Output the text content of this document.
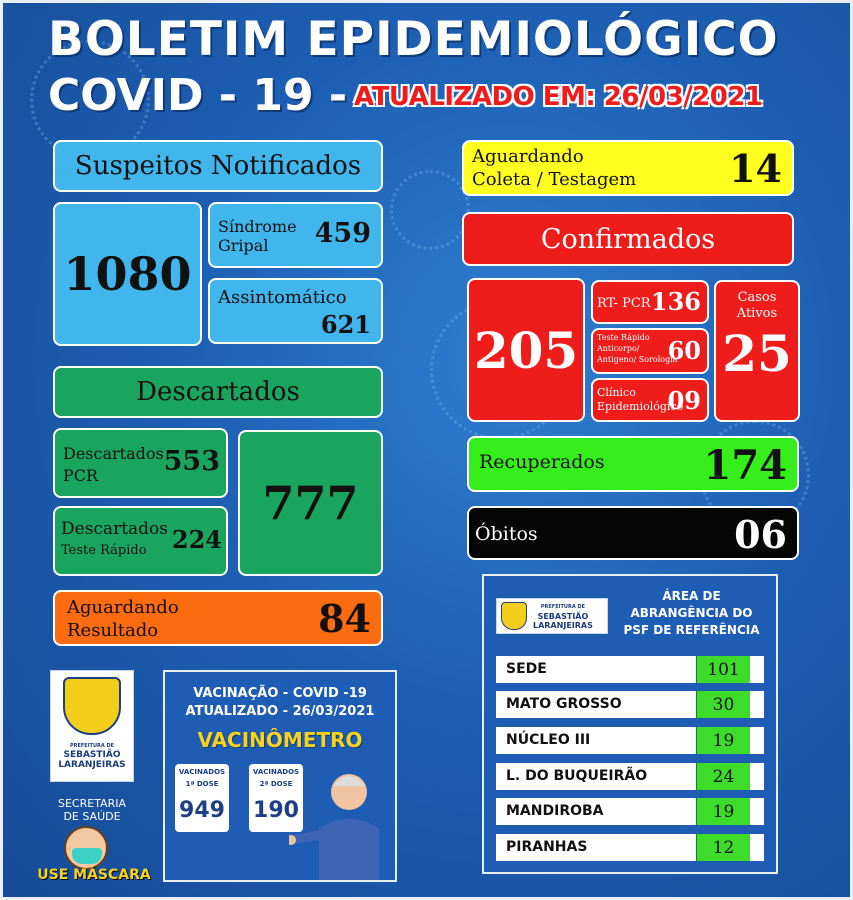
BOLETIM EPIDEMIOLÓGICO
COVID - 19 - ATUALIZADO EM: 26/03/2021
Suspeitos Notificados
1080
Síndrome
Gripal 459
Assintomático
621
Descartados
Descartados
PCR 553
Descartados
Teste Rápido 224
777
Aguardando
Resultado	84
Aguardando
Coleta / Testagem 14
Confirmados
205
RT- PCR 136
Teste Rápido
Anticorpo/
Antigeno/ Sorologia
60
Clínico
Epidemiológico
09
Casos
Ativos
25
Recuperados 174
Óbitos	06
PREFEITURA DE
SEBASTIÃO
LARANJEIRAS
ÁREA DE
ABRANGÊNCIA DO
PSF DE REFERÊNCIA
SEDE	101
MATO GROSSO	30
NÚCLEO III	19
L. DO BUQUEIRÃO	24
MANDIROBA	19
PIRANHAS	12
VACINAÇÃO - COVID -19
ATUALIZADO - 26/03/2021
VACINÔMETRO
VACINADOS
1ª DOSE
949
VACINADOS
2ª DOSE
190
PREFEITURA DE
SEBASTIÃO
LARANJEIRAS
SECRETARIA
DE SAÚDE
USE MÁSCARA
